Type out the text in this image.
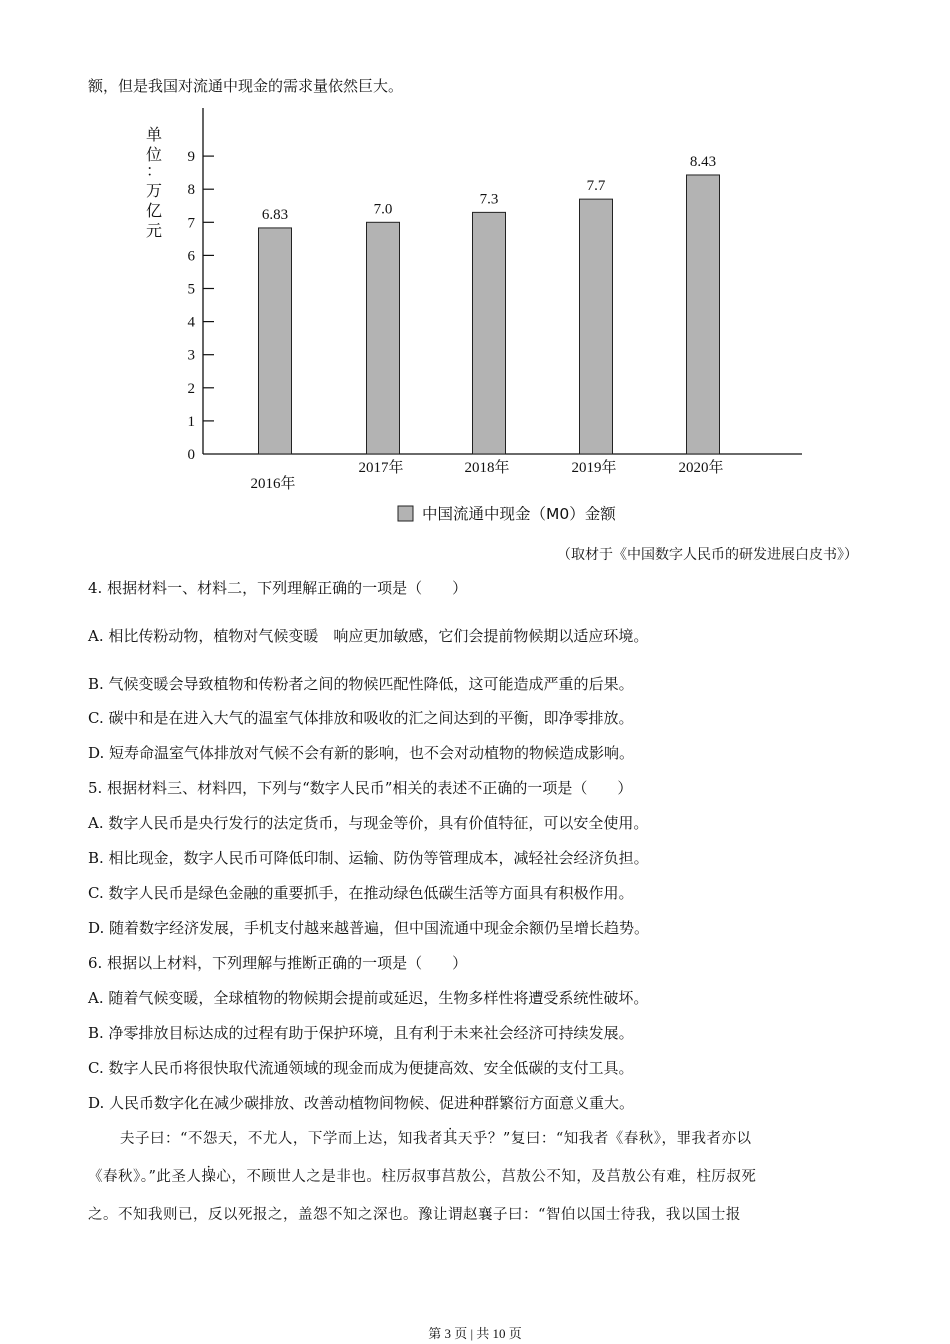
额，但是我国对流通中现金的需求量依然巨大。
0
1
2
3
4
5
6
7
8
9
6.83
2016年
7.0
2017年
7.3
2018年
7.7
2019年
8.43
2020年
单
位
：
万
亿
元
中国流通中现金（M0）金额
（取材于《中国数字人民币的研发进展白皮书》）
4. 根据材料一、材料二，下列理解正确的一项是（　　）
A. 相比传粉动物，植物对气候变暖　响应更加敏感，它们会提前物候期以适应环境。
B. 气候变暖会导致植物和传粉者之间的物候匹配性降低，这可能造成严重的后果。
C. 碳中和是在进入大气的温室气体排放和吸收的汇之间达到的平衡，即净零排放。
D. 短寿命温室气体排放对气候不会有新的影响，也不会对动植物的物候造成影响。
5. 根据材料三、材料四，下列与“数字人民币”相关的表述不正确的一项是（　　）
A. 数字人民币是央行发行的法定货币，与现金等价，具有价值特征，可以安全使用。
B. 相比现金，数字人民币可降低印制、运输、防伪等管理成本，减轻社会经济负担。
C. 数字人民币是绿色金融的重要抓手，在推动绿色低碳生活等方面具有积极作用。
D. 随着数字经济发展，手机支付越来越普遍，但中国流通中现金余额仍呈增长趋势。
6. 根据以上材料，下列理解与推断正确的一项是（　　）
A. 随着气候变暖，全球植物的物候期会提前或延迟，生物多样性将遭受系统性破坏。
B. 净零排放目标达成的过程有助于保护环境，且有利于未来社会经济可持续发展。
C. 数字人民币将很快取代流通领域的现金而成为便捷高效、安全低碳的支付工具。
D. 人民币数字化在减少碳排放、改善动植物间物候、促进种群繁衍方面意义重大。
夫子曰：“不怨天，不尤人，下学而上达，知我者其天乎？”复曰：“知我者《春秋》，罪我者亦以
《春秋》。”此圣人操心，不顾世人之是非也。柱厉叔事莒敖公，莒敖公不知，及莒敖公有难，柱厉叔死
之。不知我则已，反以死报之，盖怨不知之深也。豫让谓赵襄子曰：“智伯以国士待我，我以国士报
第 3 页 | 共 10 页
